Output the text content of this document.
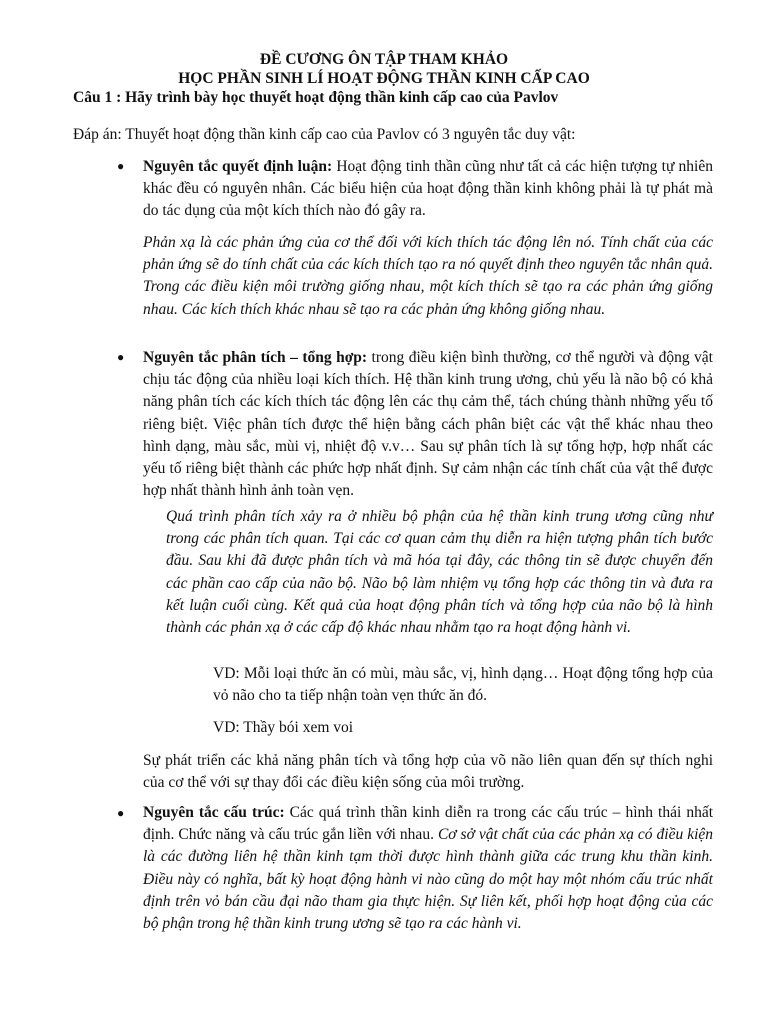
ĐỀ CƯƠNG ÔN TẬP THAM KHẢO
HỌC PHẦN SINH LÍ HOẠT ĐỘNG THẦN KINH CẤP CAO
Câu 1 : Hãy trình bày học thuyết hoạt động thần kinh cấp cao của Pavlov
Đáp án: Thuyết hoạt động thần kinh cấp cao của Pavlov có 3 nguyên tắc duy vật:
● Nguyên tắc quyết định luận: Hoạt động tinh thần cũng như tất cả các hiện tượng tự nhiên khác đều có nguyên nhân. Các biểu hiện của hoạt động thần kinh không phải là tự phát mà do tác dụng của một kích thích nào đó gây ra.
Phản xạ là các phản ứng của cơ thể đối với kích thích tác động lên nó. Tính chất của các phản ứng sẽ do tính chất của các kích thích tạo ra nó quyết định theo nguyên tắc nhân quả. Trong các điều kiện môi trường giống nhau, một kích thích sẽ tạo ra các phản ứng giống nhau. Các kích thích khác nhau sẽ tạo ra các phản ứng không giống nhau.
● Nguyên tắc phân tích – tổng hợp: trong điều kiện bình thường, cơ thể người và động vật chịu tác động của nhiều loại kích thích. Hệ thần kinh trung ương, chủ yếu là não bộ có khả năng phân tích các kích thích tác động lên các thụ cảm thể, tách chúng thành những yếu tố riêng biệt. Việc phân tích được thể hiện bằng cách phân biệt các vật thể khác nhau theo hình dạng, màu sắc, mùi vị, nhiệt độ v.v… Sau sự phân tích là sự tổng hợp, hợp nhất các yếu tố riêng biệt thành các phức hợp nhất định. Sự cảm nhận các tính chất của vật thể được hợp nhất thành hình ảnh toàn vẹn.
Quá trình phân tích xảy ra ở nhiều bộ phận của hệ thần kinh trung ương cũng như trong các phân tích quan. Tại các cơ quan cảm thụ diễn ra hiện tượng phân tích bước đầu. Sau khi đã được phân tích và mã hóa tại đây, các thông tin sẽ được chuyển đến các phần cao cấp của não bộ. Não bộ làm nhiệm vụ tổng hợp các thông tin và đưa ra kết luận cuối cùng. Kết quả của hoạt động phân tích và tổng hợp của não bộ là hình thành các phản xạ ở các cấp độ khác nhau nhằm tạo ra hoạt động hành vi.
VD: Mỗi loại thức ăn có mùi, màu sắc, vị, hình dạng… Hoạt động tổng hợp của vỏ não cho ta tiếp nhận toàn vẹn thức ăn đó.
VD: Thầy bói xem voi
Sự phát triển các khả năng phân tích và tổng hợp của võ não liên quan đến sự thích nghi của cơ thể với sự thay đổi các điều kiện sống của môi trường.
● Nguyên tắc cấu trúc: Các quá trình thần kinh diễn ra trong các cấu trúc – hình thái nhất định. Chức năng và cấu trúc gắn liền với nhau. Cơ sở vật chất của các phản xạ có điều kiện là các đường liên hệ thần kinh tạm thời được hình thành giữa các trung khu thần kinh. Điều này có nghĩa, bất kỳ hoạt động hành vi nào cũng do một hay một nhóm cấu trúc nhất định trên vỏ bán cầu đại não tham gia thực hiện. Sự liên kết, phối hợp hoạt động của các bộ phận trong hệ thần kinh trung ương sẽ tạo ra các hành vi.
